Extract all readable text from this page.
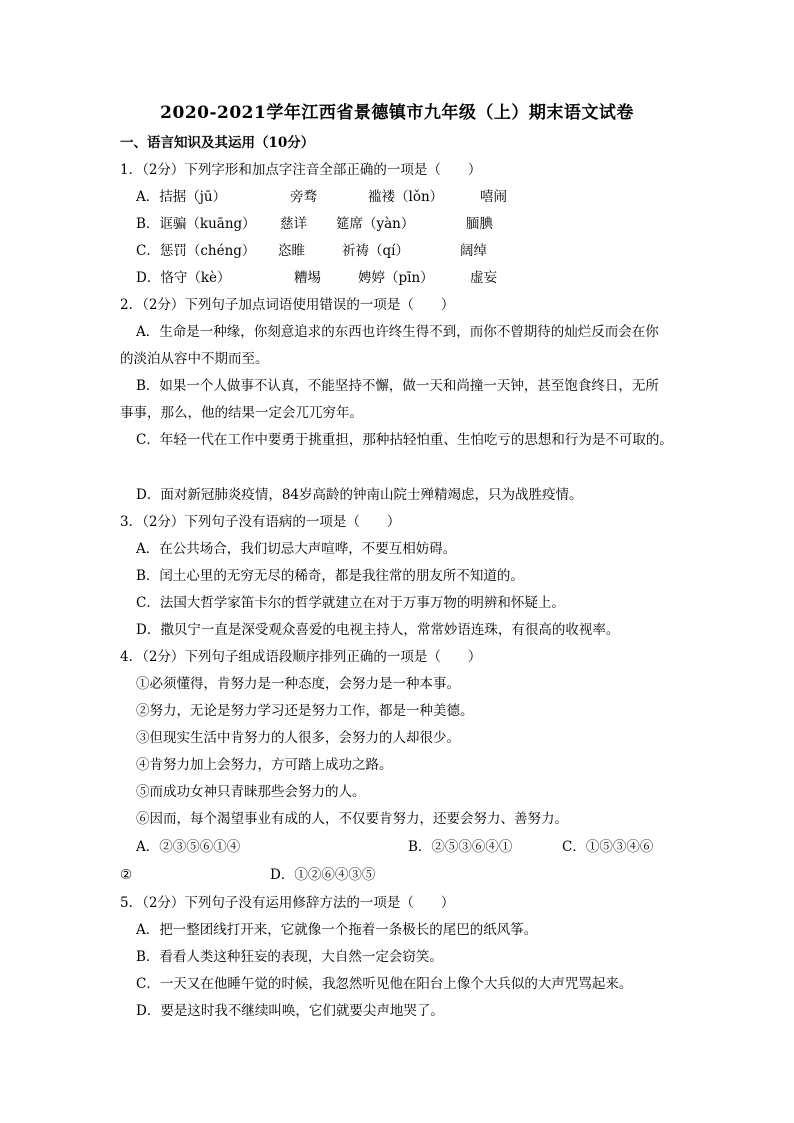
2020-2021学年江西省景德镇市九年级（上）期末语文试卷
一、语言知识及其运用（10分）
1．（2分）下列字形和加点字注音全部正确的一项是（　　）
A．拮据（jū）	旁骛	褴褛（lǒn）	嘻闹
B．诓骗（kuāng） 慈详 筵席（yàn）	腼腆
C．惩罚（chéng） 恣睢	祈祷（qí）	阔绰
D．恪守（kè）	糟埸	娉婷（pīn）	虚妄
2．（2分）下列句子加点词语使用错误的一项是（　　）
A．生命是一种缘，你刻意追求的东西也许终生得不到，而你不曾期待的灿烂反而会在你
的淡泊从容中不期而至。
B．如果一个人做事不认真，不能坚持不懈，做一天和尚撞一天钟，甚至饱食终日，无所
事事，那么，他的结果一定会兀兀穷年。
C．年轻一代在工作中要勇于挑重担，那种拈轻怕重、生怕吃亏的思想和行为是不可取的。
D．面对新冠肺炎疫情，84岁高龄的钟南山院士殚精竭虑，只为战胜疫情。
3．（2分）下列句子没有语病的一项是（　　）
A．在公共场合，我们切忌大声喧哗，不要互相妨碍。
B．闰土心里的无穷无尽的稀奇，都是我往常的朋友所不知道的。
C．法国大哲学家笛卡尔的哲学就建立在对于万事万物的明辨和怀疑上。
D．撒贝宁一直是深受观众喜爱的电视主持人，常常妙语连珠，有很高的收视率。
4．（2分）下列句子组成语段顺序排列正确的一项是（　　）
①必须懂得，肯努力是一种态度，会努力是一种本事。
②努力，无论是努力学习还是努力工作，都是一种美德。
③但现实生活中肯努力的人很多，会努力的人却很少。
④肯努力加上会努力，方可踏上成功之路。
⑤而成功女神只青睐那些会努力的人。
⑥因而，每个渴望事业有成的人，不仅要肯努力，还要会努力、善努力。
A．②③⑤⑥①④	B．②⑤③⑥④①	C．①⑤③④⑥
②	D．①②⑥④③⑤
5．（2分）下列句子没有运用修辞方法的一项是（　　）
A．把一整团线打开来，它就像一个拖着一条极长的尾巴的纸风筝。
B．看看人类这种狂妄的表现，大自然一定会窃笑。
C．一天又在他睡午觉的时候，我忽然听见他在阳台上像个大兵似的大声咒骂起来。
D．要是这时我不继续叫唤，它们就要尖声地哭了。
